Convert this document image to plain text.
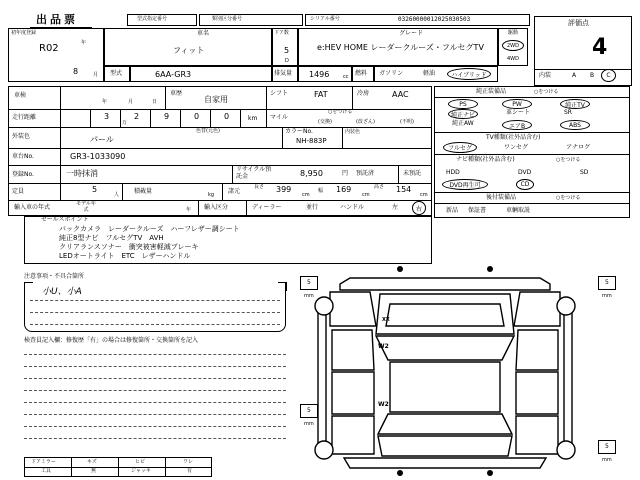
出品票	型式指定番号	類別区分番号	シリアル番号	03260000012025030503	評価点
4
内装	A B C
初年度登録
R02	年
8	月
車名
フィット
ドア数
5
D
グレード
e:HEV HOME レーダークルーズ・フルセグTV
駆動
2WD
4WD
型式	6AA-GR3	排気量 1496	cc 燃料 ガソリン	軽油	ハイブリッド
車検
年	月	日
車歴
自家用
シフト	FAT	冷房	AAC
走行距離	3
万
2	9	0	0	km マイル
○をつける
(交換)	(改ざん)	(不明)
外装色	パール
色替(元色)	カラーNo.
NH-883P
内装色
車台No.	GR3-1033090
登録No.	一時抹消	リサイクル預託金	8,950	円 預託済	未預託
定員	5
人 積載量	kg 諸元
長さ 399
cm
幅 169
cm
高さ 154
cm
輸入車の年式	モデル年式	年 輸入区分	ディーラー	並行	ハンドル	左	右
純正装備品	○をつける
PS	PW	純正TV
純正ナビ	革シート	SR
純正AW	エアB	ABS
TV種類(社外品含む)
フルセグ	ワンセグ	アナログ
ナビ種類(社外品含む)	○をつける
HDD	DVD	SD
DVD再生可	CD
後付装備品	○をつける
新品 保証書	車輌取説
セールスポイント
バックカメラ　レーダークルーズ　ハーフレザー調シート
純正8型ナビ　フルセグTV　AVH
クリアランスソナー　衝突被害軽減ブレーキ
LEDオートライト　ETC　レザーハンドル
注意事項・不具合箇所
小U、小A
検査員記入欄：修復歴「有」の場合は修復箇所・交換箇所を記入
ドアミラー	キズ	ヒビ	ワレ
工具	無	ジャッキ	有
5
mm
5
mm
5
mm
5
mm
XX
W2
W2
